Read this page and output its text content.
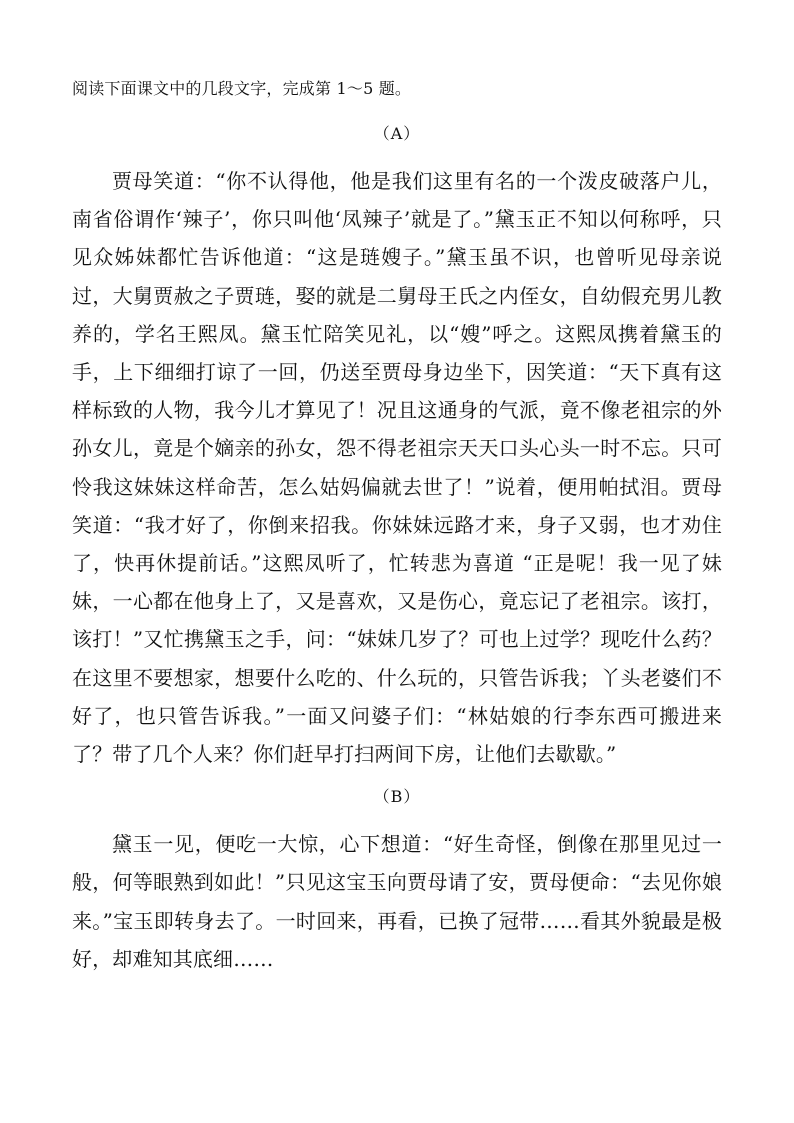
阅读下面课文中的几段文字，完成第 1～5 题。

（A）

贾母笑道：“你不认得他，他是我们这里有名的一个泼皮破落户儿，南省俗谓作‘辣子’，你只叫他‘凤辣子’就是了。”黛玉正不知以何称呼，只见众姊妹都忙告诉他道：“这是琏嫂子。”黛玉虽不识，也曾听见母亲说过，大舅贾赦之子贾琏，娶的就是二舅母王氏之内侄女，自幼假充男儿教养的，学名王熙凤。黛玉忙陪笑见礼，以“嫂”呼之。这熙凤携着黛玉的手，上下细细打谅了一回，仍送至贾母身边坐下，因笑道：“天下真有这样标致的人物，我今儿才算见了！况且这通身的气派，竟不像老祖宗的外孙女儿，竟是个嫡亲的孙女，怨不得老祖宗天天口头心头一时不忘。只可怜我这妹妹这样命苦，怎么姑妈偏就去世了！”说着，便用帕拭泪。贾母笑道：“我才好了，你倒来招我。你妹妹远路才来，身子又弱，也才劝住了，快再休提前话。”这熙凤听了，忙转悲为喜道 “正是呢！我一见了妹妹，一心都在他身上了，又是喜欢，又是伤心，竟忘记了老祖宗。该打，该打！”又忙携黛玉之手，问：“妹妹几岁了？可也上过学？现吃什么药？在这里不要想家，想要什么吃的、什么玩的，只管告诉我；丫头老婆们不好了，也只管告诉我。”一面又问婆子们：“林姑娘的行李东西可搬进来了？带了几个人来？你们赶早打扫两间下房，让他们去歇歇。”

（B）

黛玉一见，便吃一大惊，心下想道：“好生奇怪，倒像在那里见过一般，何等眼熟到如此！”只见这宝玉向贾母请了安，贾母便命：“去见你娘来。”宝玉即转身去了。一时回来，再看，已换了冠带……看其外貌最是极好，却难知其底细……
